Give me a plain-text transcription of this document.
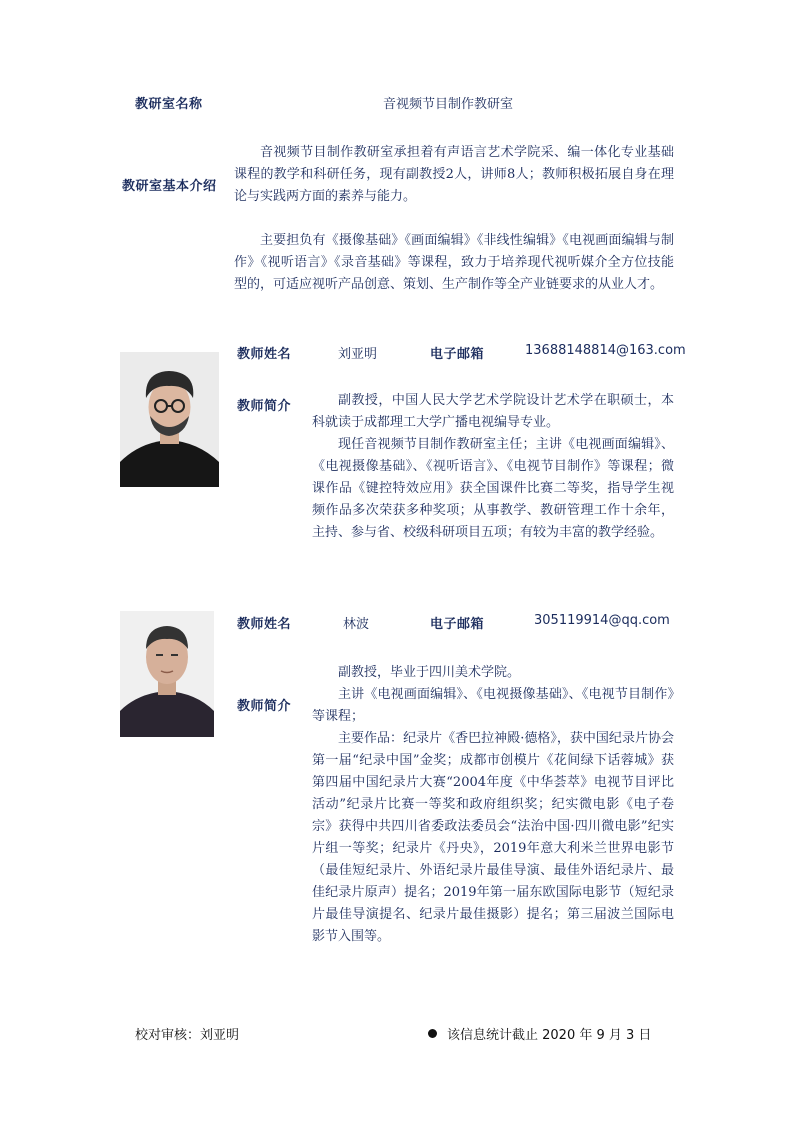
教研室名称	音视频节目制作教研室
教研室基本介绍

音视频节目制作教研室承担着有声语言艺术学院采、编一体化专业基础课程的教学和科研任务，现有副教授2人，讲师8人；教师积极拓展自身在理论与实践两方面的素养与能力。

主要担负有《摄像基础》《画面编辑》《非线性编辑》《电视画面编辑与制作》《视听语言》《录音基础》等课程，致力于培养现代视听媒介全方位技能型的，可适应视听产品创意、策划、生产制作等全产业链要求的从业人才。

教师姓名	刘亚明	电子邮箱	13688148814@163.com
教师简介	副教授，中国人民大学艺术学院设计艺术学在职硕士，本科就读于成都理工大学广播电视编导专业。

现任音视频节目制作教研室主任；主讲《电视画面编辑》、《电视摄像基础》、《视听语言》、《电视节目制作》等课程；微课作品《键控特效应用》获全国课件比赛二等奖，指导学生视频作品多次荣获多种奖项；从事教学、教研管理工作十余年，主持、参与省、校级科研项目五项；有较为丰富的教学经验。

教师姓名	林波	电子邮箱	305119914@qq.com
教师简介

副教授，毕业于四川美术学院。

主讲《电视画面编辑》、《电视摄像基础》、《电视节目制作》等课程；

主要作品：纪录片《香巴拉神殿·德格》，获中国纪录片协会第一届“纪录中国”金奖；成都市创模片《花间绿下话蓉城》获第四届中国纪录片大赛“2004年度《中华荟萃》电视节目评比活动”纪录片比赛一等奖和政府组织奖；纪实微电影《电子卷宗》获得中共四川省委政法委员会“法治中国·四川微电影”纪实片组一等奖；纪录片《丹央》，2019年意大利米兰世界电影节（最佳短纪录片、外语纪录片最佳导演、最佳外语纪录片、最佳纪录片原声）提名；2019年第一届东欧国际电影节（短纪录片最佳导演提名、纪录片最佳摄影）提名；第三届波兰国际电影节入围等。

校对审核：刘亚明	该信息统计截止 2020 年 9 月 3 日
